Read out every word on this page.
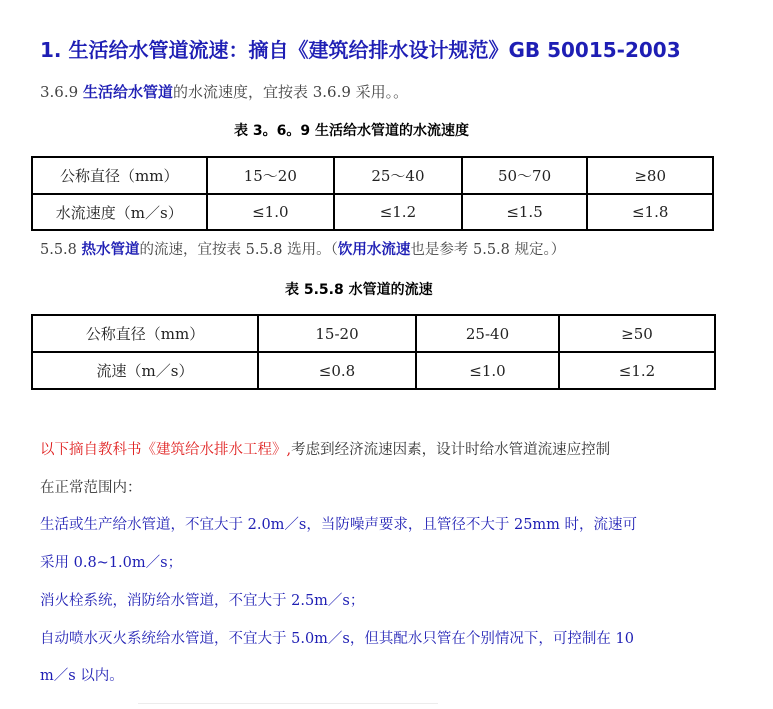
1. 生活给水管道流速：摘自《建筑给排水设计规范》GB 50015-2003
3.6.9 生活给水管道的水流速度，宜按表 3.6.9 采用。。
表 3。6。9 生活给水管道的水流速度
公称直径（mm）	15～20	25～40	50～70	≥80
水流速度（m／s）	≤1.0	≤1.2	≤1.5	≤1.8
5.5.8 热水管道的流速，宜按表 5.5.8 选用。（饮用水流速也是参考 5.5.8 规定。）
表 5.5.8 水管道的流速
公称直径（mm）	15-20	25-40	≥50
流速（m／s）	≤0.8	≤1.0	≤1.2
以下摘自教科书《建筑给水排水工程》,考虑到经济流速因素，设计时给水管道流速应控制
在正常范围内：
生活或生产给水管道，不宜大于 2.0m／s，当防噪声要求，且管径不大于 25mm 时，流速可
采用 0.8~1.0m／s；
消火栓系统，消防给水管道，不宜大于 2.5m／s；
自动喷水灭火系统给水管道，不宜大于 5.0m／s，但其配水只管在个别情况下，可控制在 10
m／s 以内。
